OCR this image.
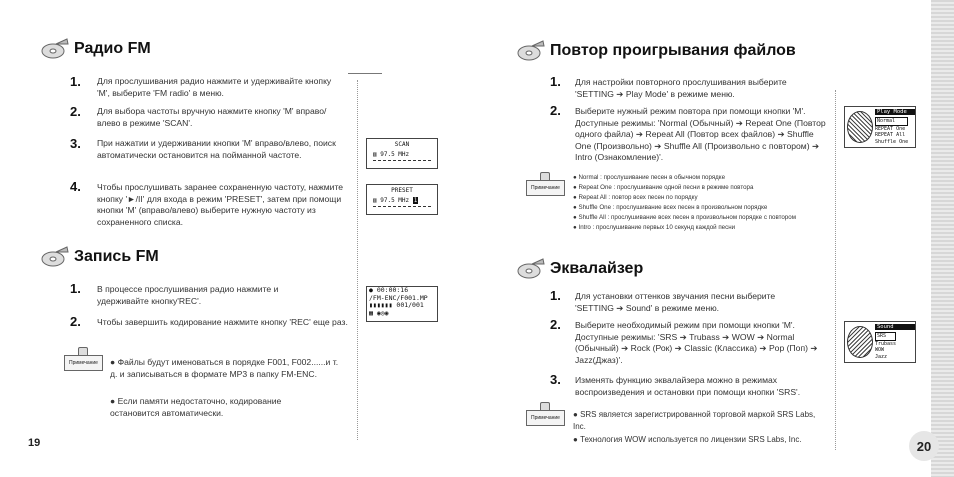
Радио FM
1. Для прослушивания радио нажмите и удерживайте кнопку 'M', выберите 'FM radio' в меню.
2. Для выбора частоты вручную нажмите кнопку 'M' вправо/влево в режиме 'SCAN'.
3. При нажатии и удерживании кнопки 'M' вправо/влево, поиск автоматически остановится на пойманной частоте.
4. Чтобы прослушивать заранее сохраненную частоту, нажмите кнопку '►/II' для входа в режим 'PRESET', затем при помощи кнопки 'M' (вправо/влево) выберите нужную частоту из сохраненного списка.
SCAN
▥ 97.5 MHz
PRESET
▥ 97.5 MHz 1
Запись FM
1. В процессе прослушивания радио нажмите и удерживайте кнопку'REC'.
2. Чтобы завершить кодирование нажмите кнопку 'REC' еще раз.
● 00:00:16
/FM-ENC/F001.MP
▮▮▮▮▮▮ 001/001
▦ ◉◎◉
Примечание	● Файлы будут именоваться в порядке F001, F002......и т. д. и записываться в формате MP3 в папку FM-ENC.
● Если памяти недостаточно, кодирование остановится автоматически.
19
Повтор проигрывания файлов
1. Для настройки повторного прослушивания выберите 'SETTING ➔ Play Mode' в режиме меню.
2. Выберите нужный режим повтора при помощи кнопки 'M'. Доступные режимы: 'Normal (Обычный) ➔ Repeat One (Повтор одного файла) ➔ Repeat All (Повтор всех файлов) ➔ Shuffle One (Произвольно) ➔ Shuffle All (Произвольно с повтором) ➔ Intro (Ознакомление)'.
Примечание
● Normal : прослушивание песен в обычном порядке
● Repeat One : прослушивание одной песни в режиме повтора
● Repeat All : повтор всех песен по порядку
● Shuffle One : прослушивание всех песен в произвольном порядке
● Shuffle All : прослушивание всех песен в произвольном порядке с повтором
● Intro : прослушивание первых 10 секунд каждой песни
Play Mode
Normal
REPEAT One
REPEAT All
Shuffle One
Эквалайзер
1. Для установки оттенков звучания песни выберите 'SETTING ➔ Sound' в режиме меню.
2. Выберите необходимый режим при помощи кнопки 'M'. Доступные режимы: 'SRS ➔ Trubass ➔ WOW ➔ Normal (Обычный) ➔ Rock (Рок) ➔ Classic (Классика) ➔ Pop (Поп) ➔ Jazz(Джаз)'.
3. Изменять функцию эквалайзера можно в режимах воспроизведения и остановки при помощи кнопки 'SRS'.
Sound
SRS
Trubass
WOW
Jazz
Примечание	● SRS является зарегистрированной торговой маркой SRS Labs, Inc.
● Технология WOW используется по лицензии SRS Labs, Inc.	20
